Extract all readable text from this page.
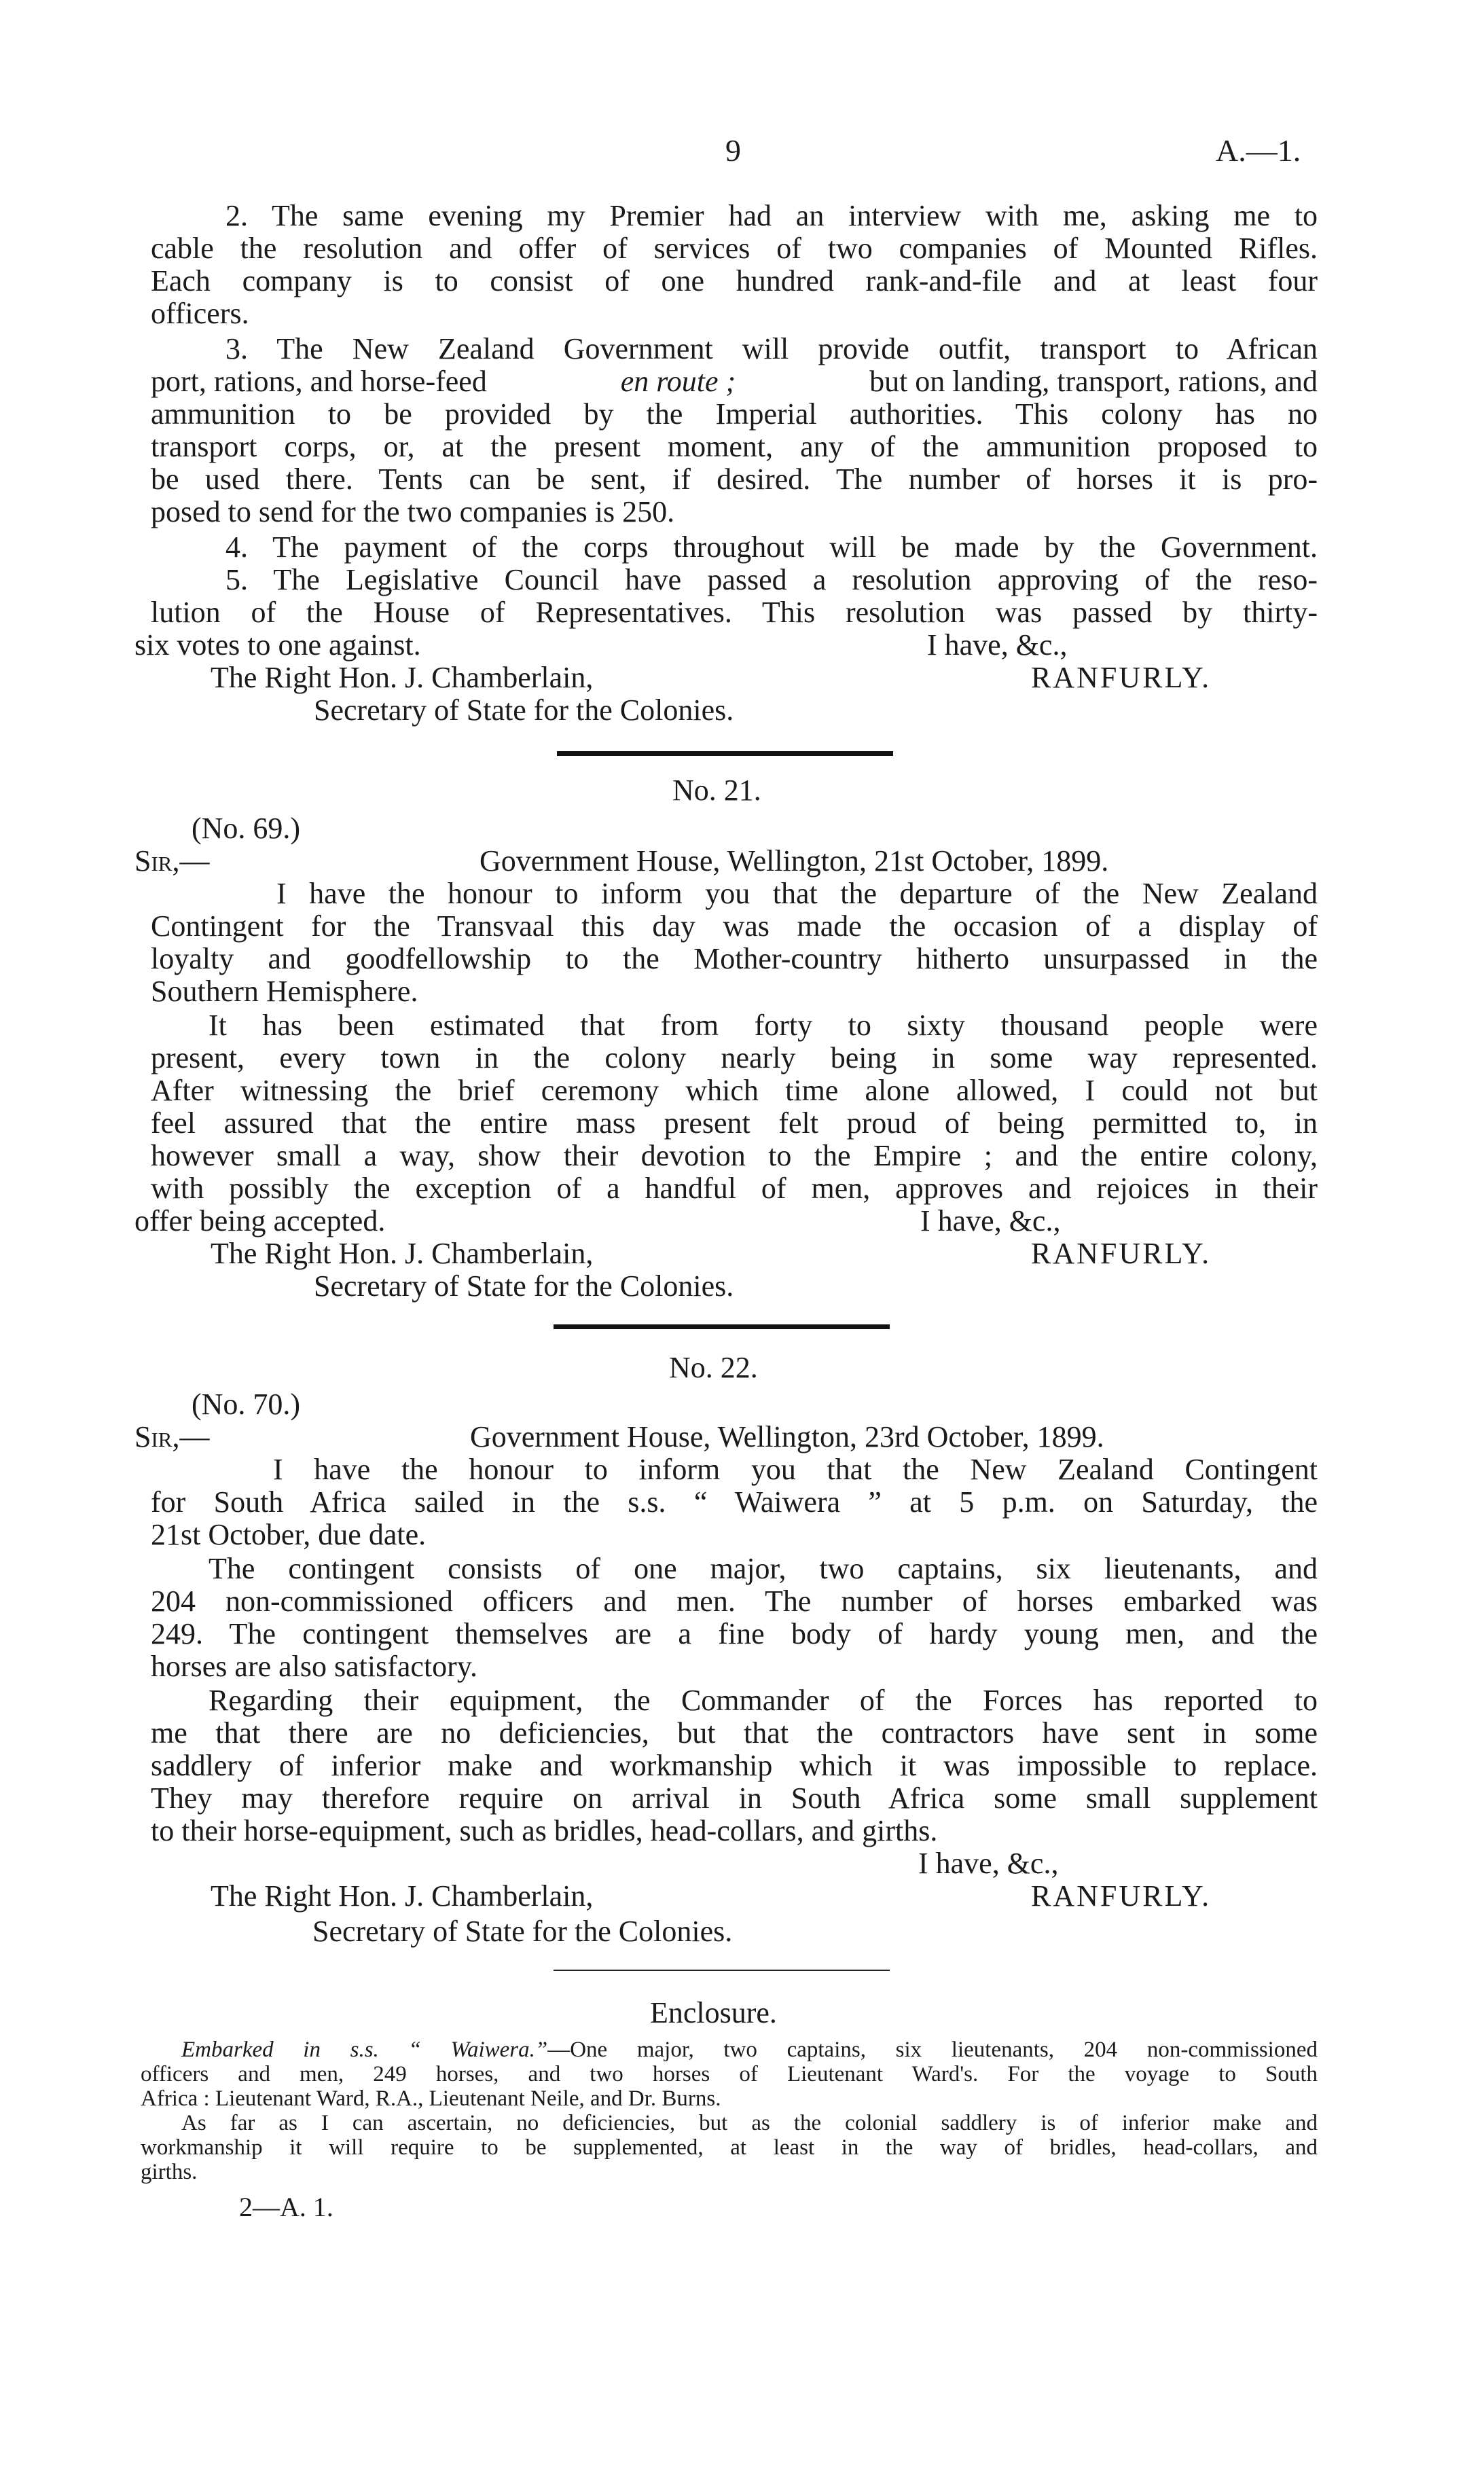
9	A.—1.
2. The same evening my Premier had an interview with me, asking me to
cable the resolution and offer of services of two companies of Mounted Rifles.
Each company is to consist of one hundred rank-and-file and at least four
officers.
3. The New Zealand Government will provide outfit, transport to African
port, rations, and horse-feed	en route ;	but on landing, transport, rations, and
ammunition to be provided by the Imperial authorities. This colony has no
transport corps, or, at the present moment, any of the ammunition proposed to
be used there. Tents can be sent, if desired. The number of horses it is pro-
posed to send for the two companies is 250.
4. The payment of the corps throughout will be made by the Government.
5. The Legislative Council have passed a resolution approving of the reso-
lution of the House of Representatives. This resolution was passed by thirty-
six votes to one against.	I have, &c.,
The Right Hon. J. Chamberlain,	RANFURLY.
Secretary of State for the Colonies.
No. 21.
(No. 69.)
Sir,—	Government House, Wellington, 21st October, 1899.
I have the honour to inform you that the departure of the New Zealand
Contingent for the Transvaal this day was made the occasion of a display of
loyalty and goodfellowship to the Mother-country hitherto unsurpassed in the
Southern Hemisphere.
It has been estimated that from forty to sixty thousand people were
present, every town in the colony nearly being in some way represented.
After witnessing the brief ceremony which time alone allowed, I could not but
feel assured that the entire mass present felt proud of being permitted to, in
however small a way, show their devotion to the Empire ; and the entire colony,
with possibly the exception of a handful of men, approves and rejoices in their
offer being accepted.	I have, &c.,
The Right Hon. J. Chamberlain,	RANFURLY.
Secretary of State for the Colonies.
No. 22.
(No. 70.)
Sir,—	Government House, Wellington, 23rd October, 1899.
I have the honour to inform you that the New Zealand Contingent
for South Africa sailed in the s.s. “ Waiwera ” at 5 p.m. on Saturday, the
21st October, due date.
The contingent consists of one major, two captains, six lieutenants, and
204 non-commissioned officers and men. The number of horses embarked was
249. The contingent themselves are a fine body of hardy young men, and the
horses are also satisfactory.
Regarding their equipment, the Commander of the Forces has reported to
me that there are no deficiencies, but that the contractors have sent in some
saddlery of inferior make and workmanship which it was impossible to replace.
They may therefore require on arrival in South Africa some small supplement
to their horse-equipment, such as bridles, head-collars, and girths.
I have, &c.,
The Right Hon. J. Chamberlain,	RANFURLY.
Secretary of State for the Colonies.
Enclosure.
Embarked in s.s. “ Waiwera.”—One major, two captains, six lieutenants, 204 non-commissioned
officers and men, 249 horses, and two horses of Lieutenant Ward's. For the voyage to South
Africa : Lieutenant Ward, R.A., Lieutenant Neile, and Dr. Burns.
As far as I can ascertain, no deficiencies, but as the colonial saddlery is of inferior make and
workmanship it will require to be supplemented, at least in the way of bridles, head-collars, and
girths.
2—A. 1.
